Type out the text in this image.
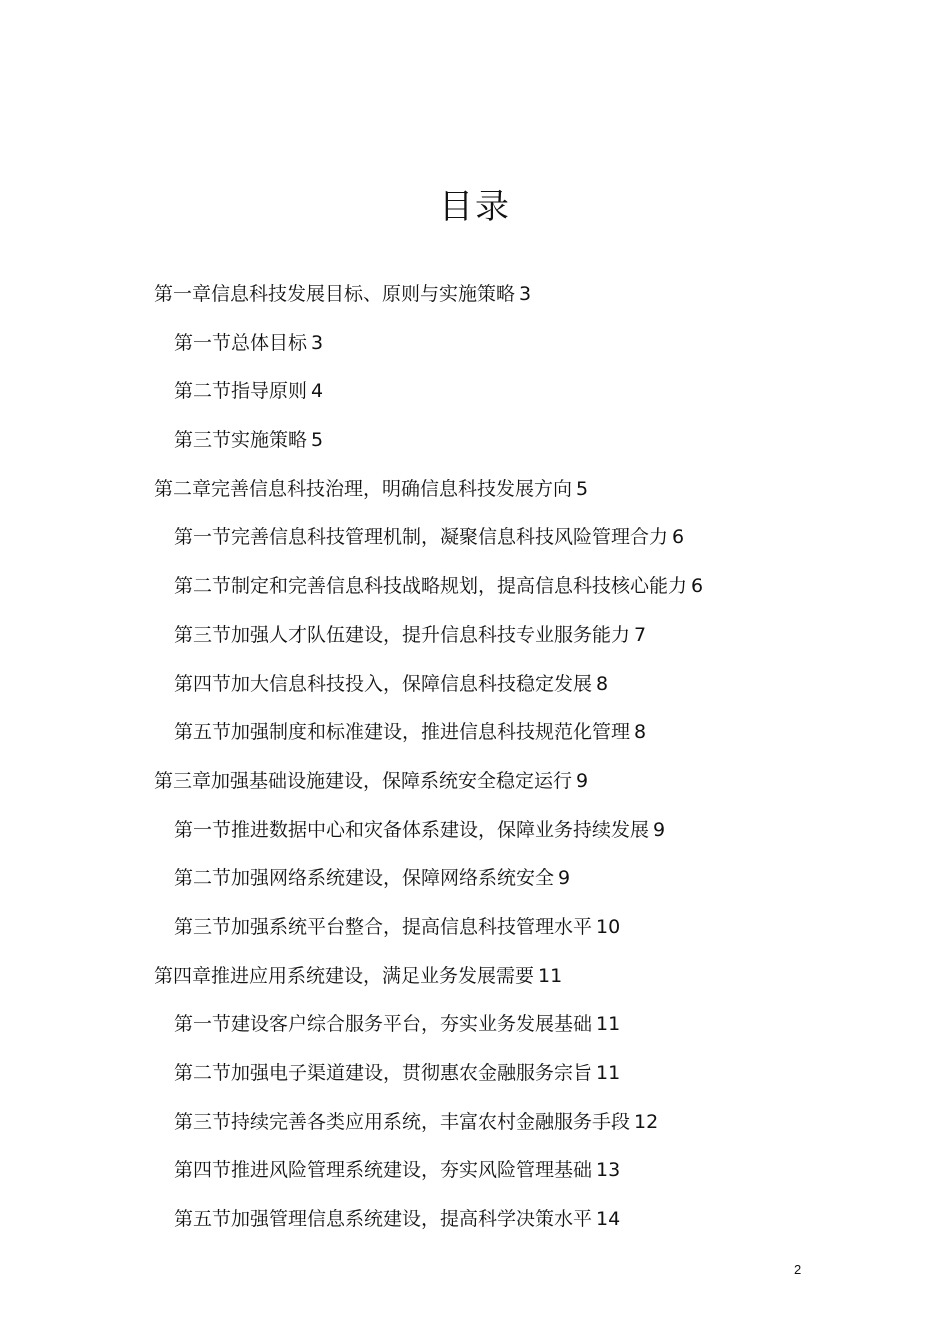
目录
第一章信息科技发展目标、原则与实施策略 3
第一节总体目标 3
第二节指导原则 4
第三节实施策略 5
第二章完善信息科技治理，明确信息科技发展方向 5
第一节完善信息科技管理机制，凝聚信息科技风险管理合力 6
第二节制定和完善信息科技战略规划，提高信息科技核心能力 6
第三节加强人才队伍建设，提升信息科技专业服务能力 7
第四节加大信息科技投入，保障信息科技稳定发展 8
第五节加强制度和标准建设，推进信息科技规范化管理 8
第三章加强基础设施建设，保障系统安全稳定运行 9
第一节推进数据中心和灾备体系建设，保障业务持续发展 9
第二节加强网络系统建设，保障网络系统安全 9
第三节加强系统平台整合，提高信息科技管理水平 10
第四章推进应用系统建设，满足业务发展需要 11
第一节建设客户综合服务平台，夯实业务发展基础 11
第二节加强电子渠道建设，贯彻惠农金融服务宗旨 11
第三节持续完善各类应用系统，丰富农村金融服务手段 12
第四节推进风险管理系统建设，夯实风险管理基础 13
第五节加强管理信息系统建设，提高科学决策水平 14
2
